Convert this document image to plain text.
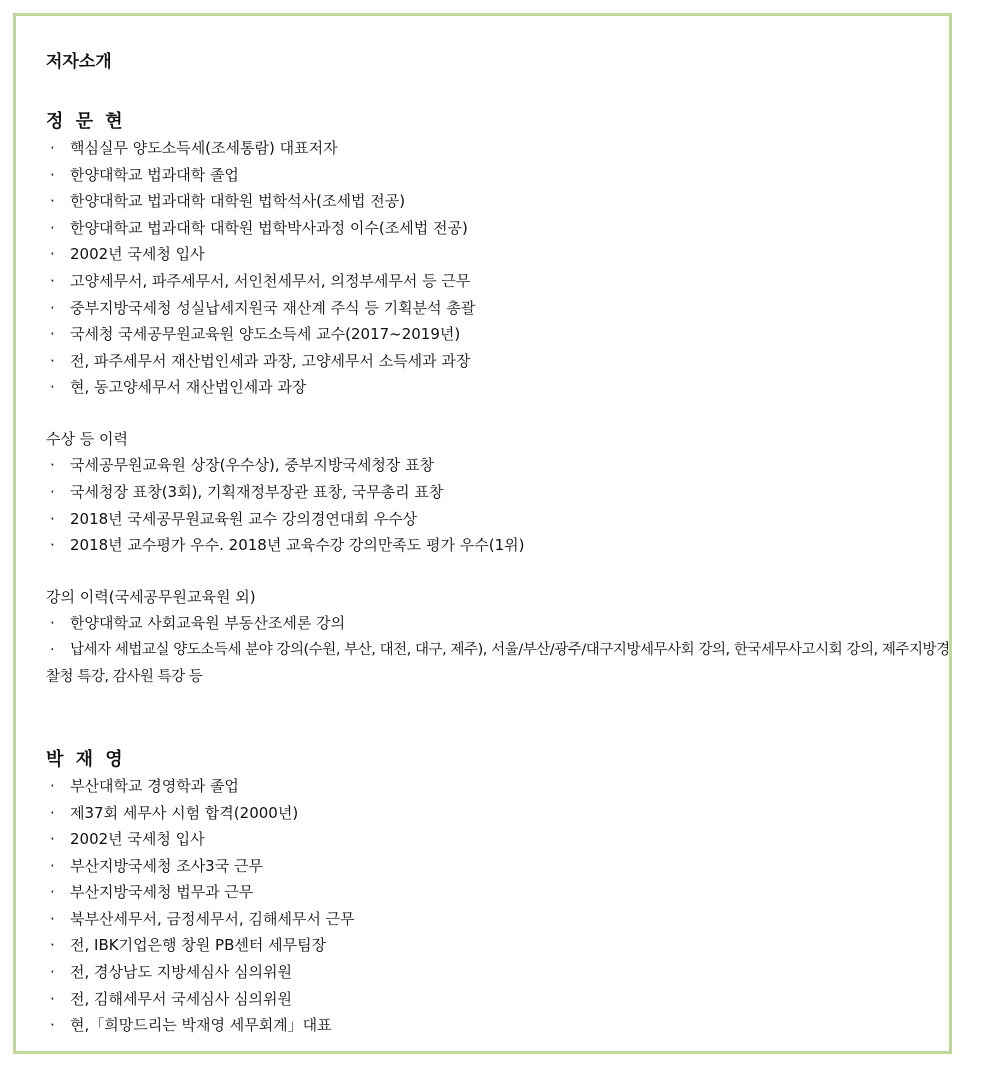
저자소개
정 문 현
· 핵심실무 양도소득세(조세통람) 대표저자
· 한양대학교 법과대학 졸업
· 한양대학교 법과대학 대학원 법학석사(조세법 전공)
· 한양대학교 법과대학 대학원 법학박사과정 이수(조세법 전공)
· 2002년 국세청 입사
· 고양세무서, 파주세무서, 서인천세무서, 의정부세무서 등 근무
· 중부지방국세청 성실납세지원국 재산계 주식 등 기획분석 총괄
· 국세청 국세공무원교육원 양도소득세 교수(2017~2019년)
· 전, 파주세무서 재산법인세과 과장, 고양세무서 소득세과 과장
· 현, 동고양세무서 재산법인세과 과장
수상 등 이력
· 국세공무원교육원 상장(우수상), 중부지방국세청장 표창
· 국세청장 표창(3회), 기획재정부장관 표창, 국무총리 표창
· 2018년 국세공무원교육원 교수 강의경연대회 우수상
· 2018년 교수평가 우수. 2018년 교육수강 강의만족도 평가 우수(1위)
강의 이력(국세공무원교육원 외)
· 한양대학교 사회교육원 부동산조세론 강의
· 납세자 세법교실 양도소득세 분야 강의(수원, 부산, 대전, 대구, 제주), 서울/부산/광주/대구지방세무사회 강의, 한국세무사고시회 강의, 제주지방경찰청 특강, 감사원 특강 등
박 재 영
· 부산대학교 경영학과 졸업
· 제37회 세무사 시험 합격(2000년)
· 2002년 국세청 입사
· 부산지방국세청 조사3국 근무
· 부산지방국세청 법무과 근무
· 북부산세무서, 금정세무서, 김해세무서 근무
· 전, IBK기업은행 창원 PB센터 세무팀장
· 전, 경상남도 지방세심사 심의위원
· 전, 김해세무서 국세심사 심의위원
· 현,「희망드리는 박재영 세무회계」대표
